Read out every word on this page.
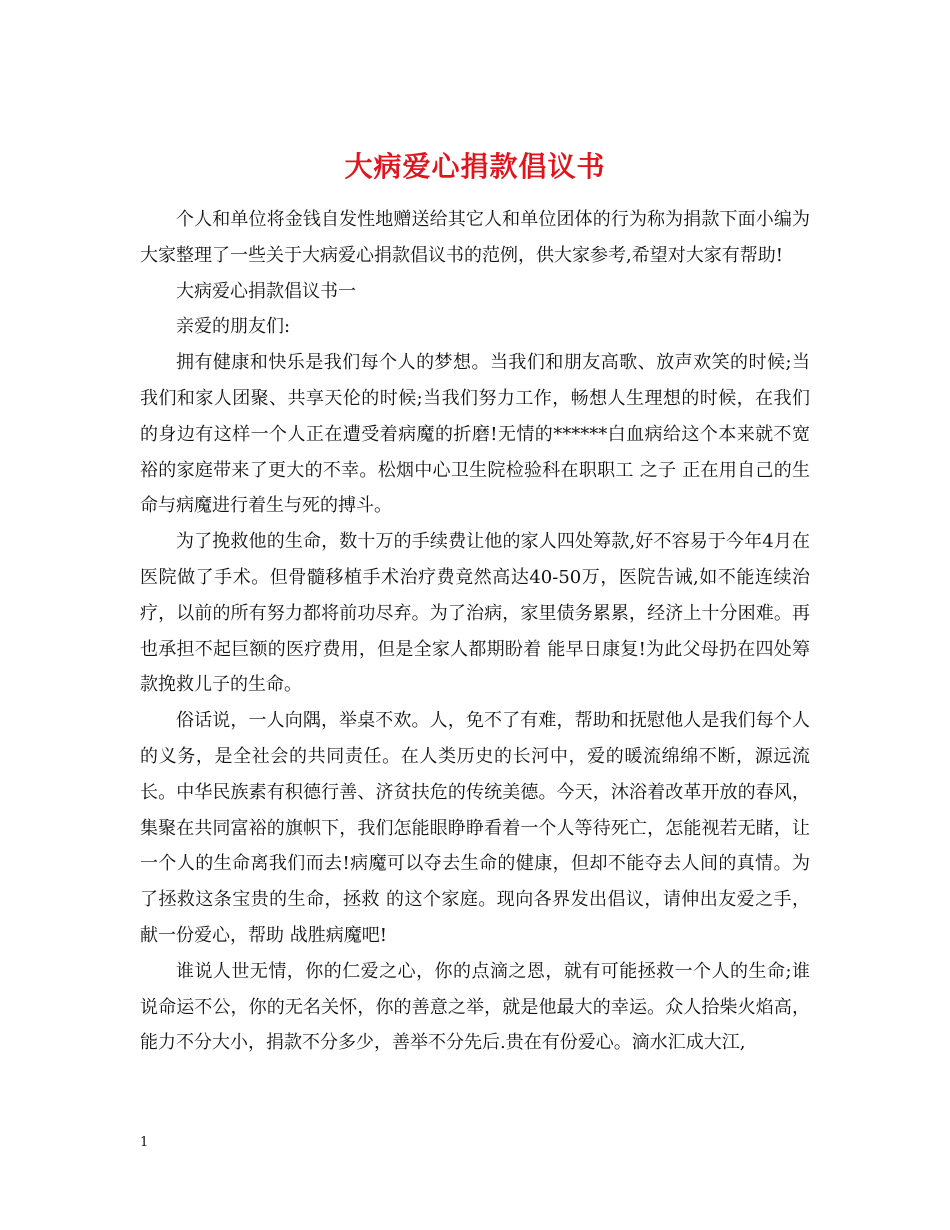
大病爱心捐款倡议书

个人和单位将金钱自发性地赠送给其它人和单位团体的行为称为捐款下面小编为大家整理了一些关于大病爱心捐款倡议书的范例，供大家参考,希望对大家有帮助!

大病爱心捐款倡议书一

亲爱的朋友们:

拥有健康和快乐是我们每个人的梦想。当我们和朋友高歌、放声欢笑的时候;当我们和家人团聚、共享天伦的时候;当我们努力工作，畅想人生理想的时候，在我们的身边有这样一个人正在遭受着病魔的折磨!无情的******白血病给这个本来就不宽裕的家庭带来了更大的不幸。松烟中心卫生院检验科在职职工 之子 正在用自己的生命与病魔进行着生与死的搏斗。

为了挽救他的生命，数十万的手续费让他的家人四处筹款,好不容易于今年4月在医院做了手术。但骨髓移植手术治疗费竟然高达40-50万，医院告诫,如不能连续治疗，以前的所有努力都将前功尽弃。为了治病，家里债务累累，经济上十分困难。再也承担不起巨额的医疗费用，但是全家人都期盼着 能早日康复!为此父母扔在四处筹款挽救儿子的生命。

俗话说，一人向隅，举桌不欢。人，免不了有难，帮助和抚慰他人是我们每个人的义务，是全社会的共同责任。在人类历史的长河中，爱的暖流绵绵不断，源远流长。中华民族素有积德行善、济贫扶危的传统美德。今天，沐浴着改革开放的春风，集聚在共同富裕的旗帜下，我们怎能眼睁睁看着一个人等待死亡，怎能视若无睹，让一个人的生命离我们而去!病魔可以夺去生命的健康，但却不能夺去人间的真情。为了拯救这条宝贵的生命，拯救 的这个家庭。现向各界发出倡议，请伸出友爱之手，献一份爱心，帮助 战胜病魔吧!

谁说人世无情，你的仁爱之心，你的点滴之恩，就有可能拯救一个人的生命;谁说命运不公，你的无名关怀，你的善意之举，就是他最大的幸运。众人拾柴火焰高，能力不分大小，捐款不分多少，善举不分先后.贵在有份爱心。滴水汇成大江,

1
